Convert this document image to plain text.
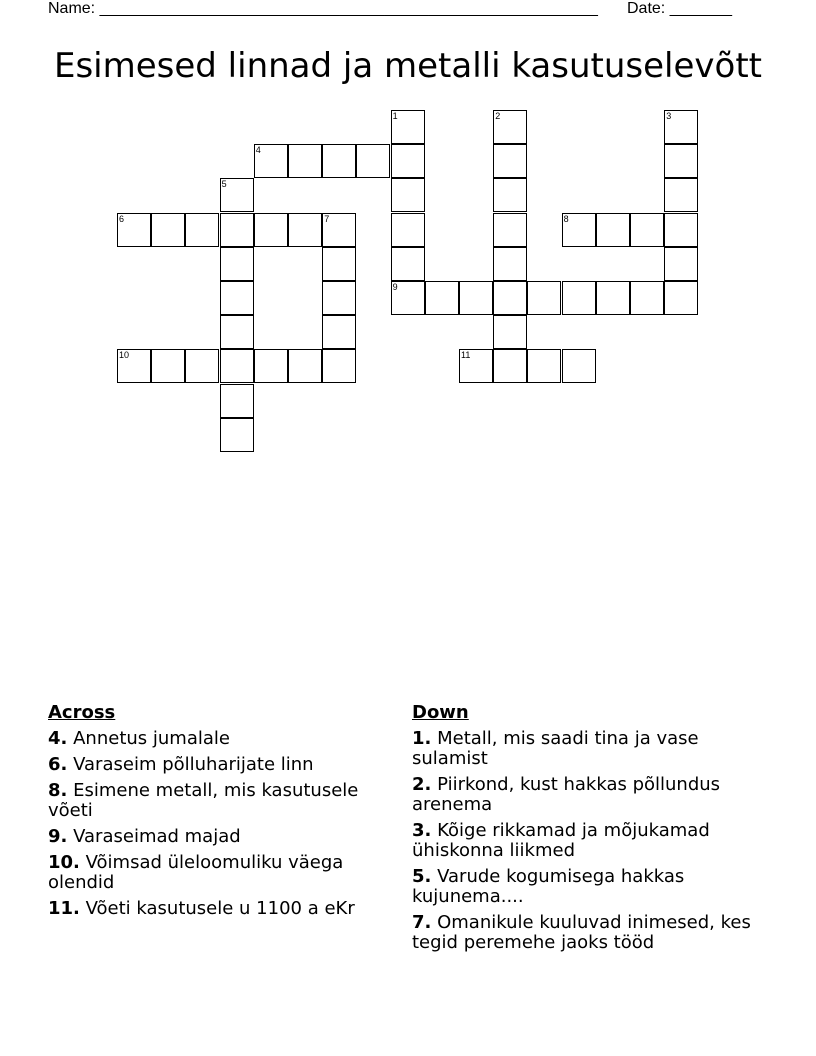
Name: ________________________________________________________ Date: _______
Esimesed linnad ja metalli kasutuselevõtt
1	2	3
4
5
6	7	8
9
10	11
Across
4. Annetus jumalale
6. Varaseim põlluharijate linn
8. Esimene metall, mis kasutusele võeti
9. Varaseimad majad
10. Võimsad üleloomuliku väega olendid
11. Võeti kasutusele u 1100 a eKr
Down
1. Metall, mis saadi tina ja vase sulamist
2. Piirkond, kust hakkas põllundus arenema
3. Kõige rikkamad ja mõjukamad ühiskonna liikmed
5. Varude kogumisega hakkas kujunema....
7. Omanikule kuuluvad inimesed, kes tegid peremehe jaoks tööd
